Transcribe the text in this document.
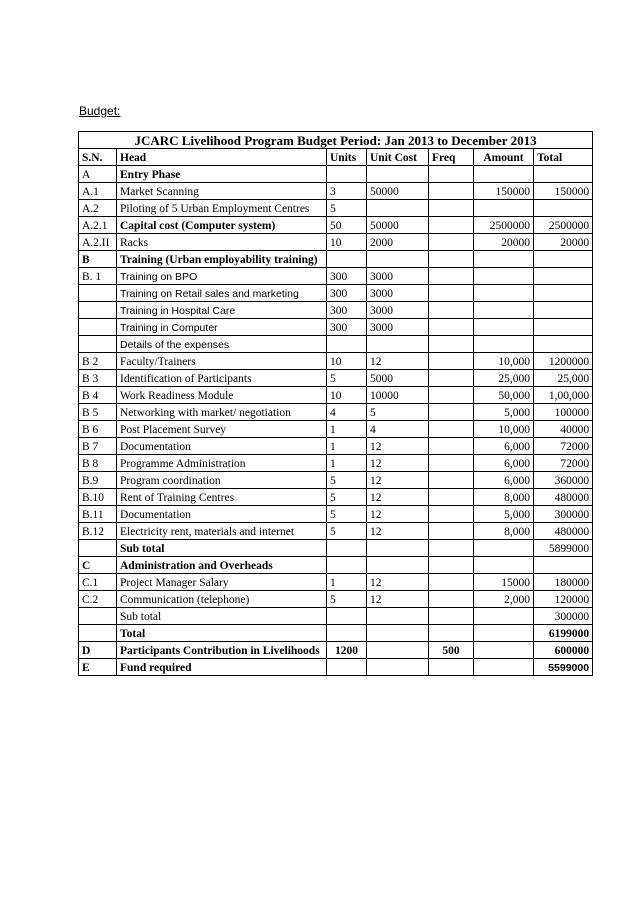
Budget:
JCARC Livelihood Program Budget Period: Jan 2013 to December 2013						
S.N.	Head	Units	Unit Cost	Freq	Amount	Total
A	Entry Phase					
A.1	Market Scanning	3	50000		150000	150000
A.2	Piloting of 5 Urban Employment Centres	5				
A.2.1	Capital cost (Computer system)	50	50000		2500000	2500000
A.2.II	Racks	10	2000		20000	20000
B	Training (Urban employability training)					
B. 1	Training on BPO	300	3000			
	Training on Retail sales and marketing	300	3000			
	Training in Hospital Care	300	3000			
	Training in Computer	300	3000			
	Details of the expenses					
B 2	Faculty/Trainers	10	12		10,000	1200000
B 3	Identification of Participants	5	5000		25,000	25,000
B 4	Work Readiness Module	10	10000		50,000	1,00,000
B 5	Networking with market/ negotiation	4	5		5,000	100000
B 6	Post Placement Survey	1	4		10,000	40000
B 7	Documentation	1	12		6,000	72000
B 8	Programme Administration	1	12		6,000	72000
B.9	Program coordination	5	12		6,000	360000
B.10	Rent of Training Centres	5	12		8,000	480000
B.11	Documentation	5	12		5,000	300000
B.12	Electricity rent, materials and internet	5	12		8,000	480000
	Sub total					5899000
C	Administration and Overheads					
C.1	Project Manager Salary	1	12		15000	180000
C.2	Communication (telephone)	5	12		2,000	120000
	Sub total					300000
	Total					6199000
D	Participants Contribution in Livelihoods	1200		500		600000
E	Fund required					5599000
